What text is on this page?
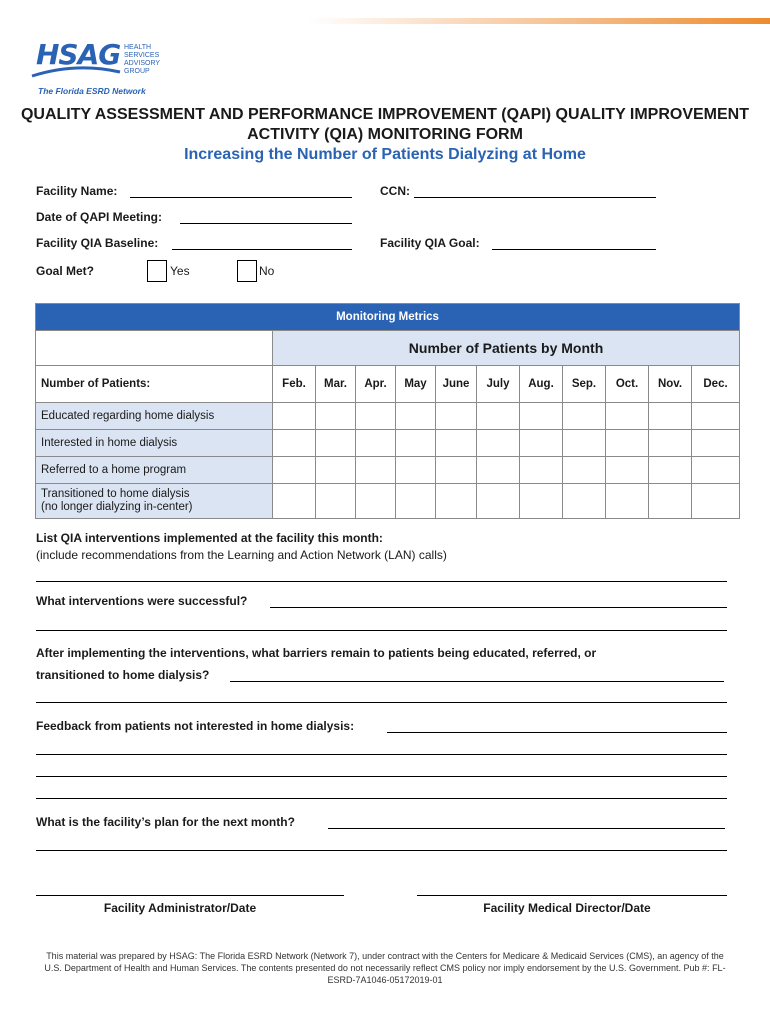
HSAG HEALTH SERVICES ADVISORY GROUP
The Florida ESRD Network
QUALITY ASSESSMENT AND PERFORMANCE IMPROVEMENT (QAPI) QUALITY IMPROVEMENT ACTIVITY (QIA) MONITORING FORM
Increasing the Number of Patients Dialyzing at Home
Facility Name:	CCN:
Date of QAPI Meeting:
Facility QIA Baseline:	Facility QIA Goal:
Goal Met?	Yes	No
Monitoring Metrics											
	Number of Patients by Month										
Number of Patients:	Feb.	Mar.	Apr.	May	June	July	Aug.	Sep.	Oct.	Nov.	Dec.
Educated regarding home dialysis											
Interested in home dialysis											
Referred to a home program											
Transitioned to home dialysis
(no longer dialyzing in-center)											
List QIA interventions implemented at the facility this month:
(include recommendations from the Learning and Action Network (LAN) calls)
What interventions were successful?
After implementing the interventions, what barriers remain to patients being educated, referred, or
transitioned to home dialysis?
Feedback from patients not interested in home dialysis:
What is the facility’s plan for the next month?
Facility Administrator/Date	Facility Medical Director/Date
This material was prepared by HSAG: The Florida ESRD Network (Network 7), under contract with the Centers for Medicare & Medicaid Services (CMS), an agency of the U.S. Department of Health and Human Services. The contents presented do not necessarily reflect CMS policy nor imply endorsement by the U.S. Government. Pub #: FL-ESRD-7A1046-05172019-01
